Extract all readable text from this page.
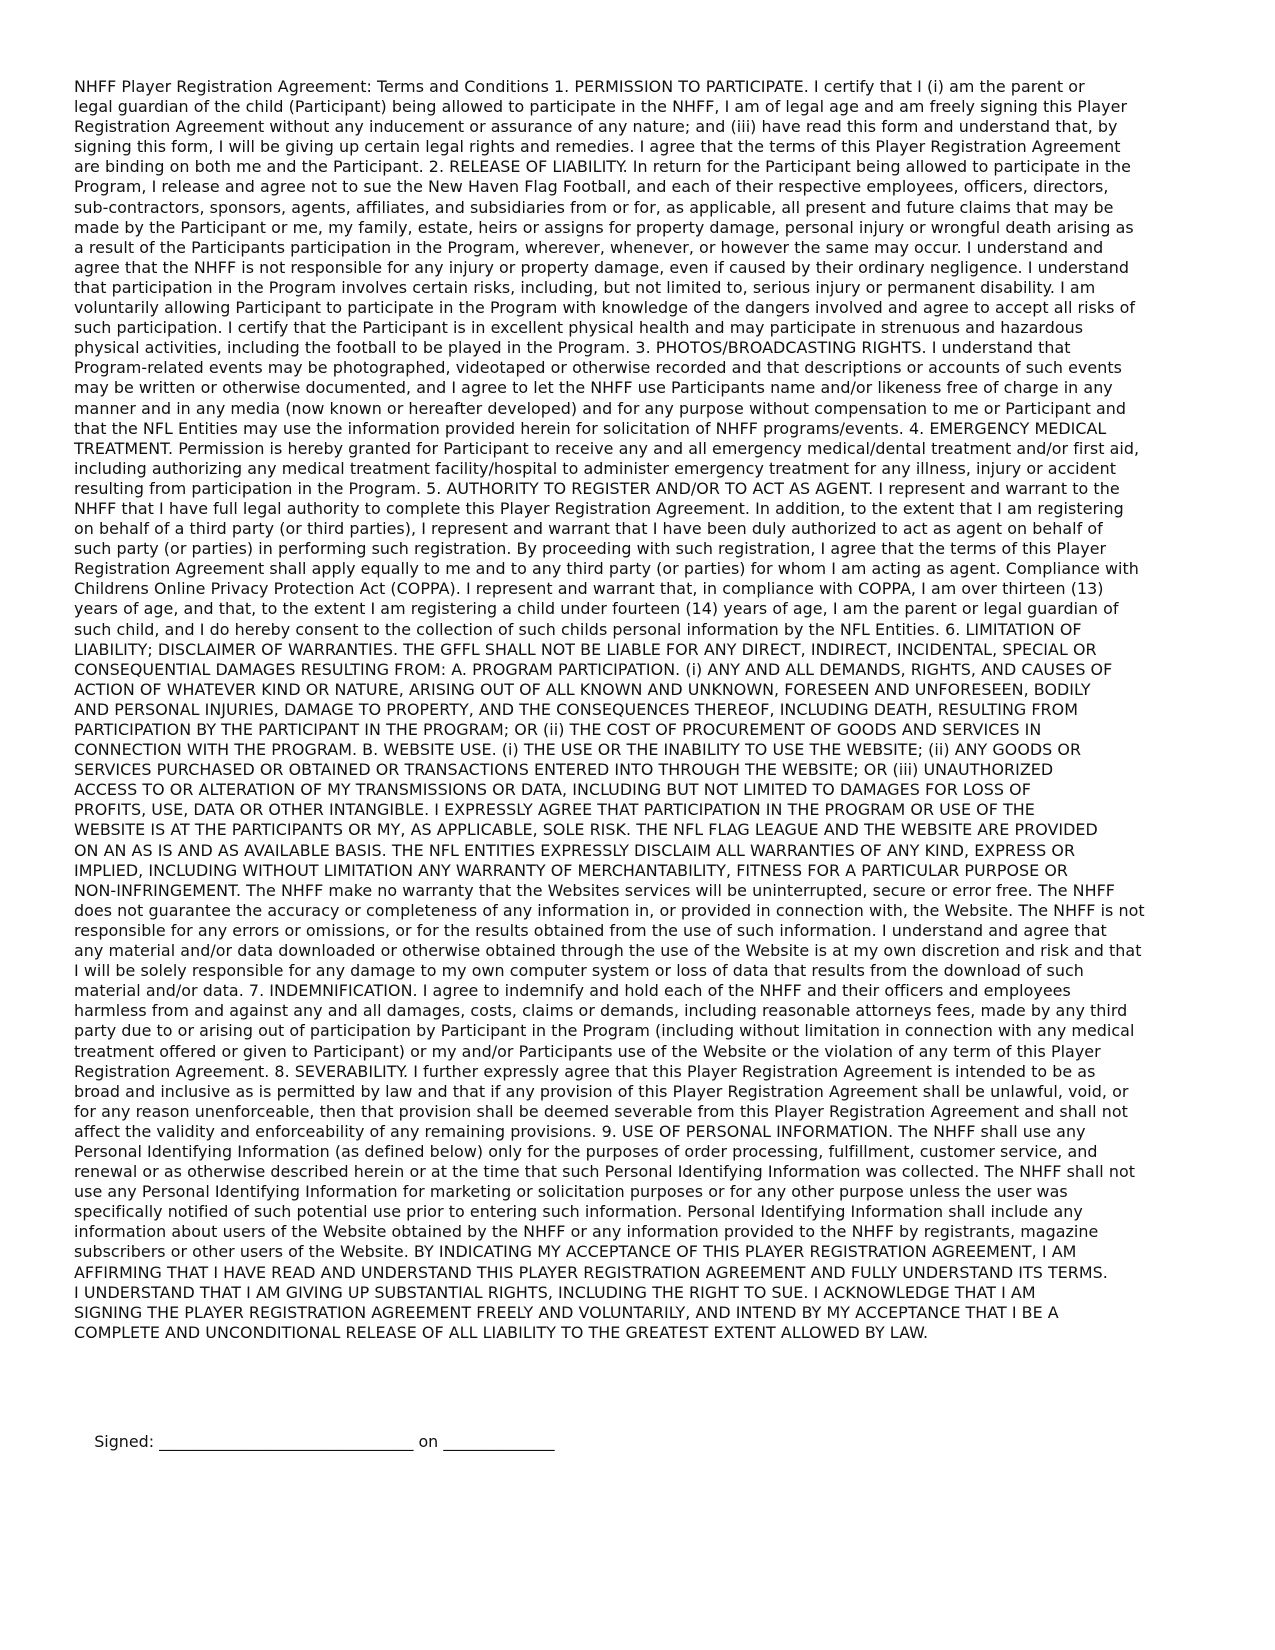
NHFF Player Registration Agreement: Terms and Conditions 1. PERMISSION TO PARTICIPATE. I certify that I (i) am the parent or
legal guardian of the child (Participant) being allowed to participate in the NHFF, I am of legal age and am freely signing this Player
Registration Agreement without any inducement or assurance of any nature; and (iii) have read this form and understand that, by
signing this form, I will be giving up certain legal rights and remedies. I agree that the terms of this Player Registration Agreement
are binding on both me and the Participant. 2. RELEASE OF LIABILITY. In return for the Participant being allowed to participate in the
Program, I release and agree not to sue the New Haven Flag Football, and each of their respective employees, officers, directors,
sub-contractors, sponsors, agents, affiliates, and subsidiaries from or for, as applicable, all present and future claims that may be
made by the Participant or me, my family, estate, heirs or assigns for property damage, personal injury or wrongful death arising as
a result of the Participants participation in the Program, wherever, whenever, or however the same may occur. I understand and
agree that the NHFF is not responsible for any injury or property damage, even if caused by their ordinary negligence. I understand
that participation in the Program involves certain risks, including, but not limited to, serious injury or permanent disability. I am
voluntarily allowing Participant to participate in the Program with knowledge of the dangers involved and agree to accept all risks of
such participation. I certify that the Participant is in excellent physical health and may participate in strenuous and hazardous
physical activities, including the football to be played in the Program. 3. PHOTOS/BROADCASTING RIGHTS. I understand that
Program-related events may be photographed, videotaped or otherwise recorded and that descriptions or accounts of such events
may be written or otherwise documented, and I agree to let the NHFF use Participants name and/or likeness free of charge in any
manner and in any media (now known or hereafter developed) and for any purpose without compensation to me or Participant and
that the NFL Entities may use the information provided herein for solicitation of NHFF programs/events. 4. EMERGENCY MEDICAL
TREATMENT. Permission is hereby granted for Participant to receive any and all emergency medical/dental treatment and/or first aid,
including authorizing any medical treatment facility/hospital to administer emergency treatment for any illness, injury or accident
resulting from participation in the Program. 5. AUTHORITY TO REGISTER AND/OR TO ACT AS AGENT. I represent and warrant to the
NHFF that I have full legal authority to complete this Player Registration Agreement. In addition, to the extent that I am registering
on behalf of a third party (or third parties), I represent and warrant that I have been duly authorized to act as agent on behalf of
such party (or parties) in performing such registration. By proceeding with such registration, I agree that the terms of this Player
Registration Agreement shall apply equally to me and to any third party (or parties) for whom I am acting as agent. Compliance with
Childrens Online Privacy Protection Act (COPPA). I represent and warrant that, in compliance with COPPA, I am over thirteen (13)
years of age, and that, to the extent I am registering a child under fourteen (14) years of age, I am the parent or legal guardian of
such child, and I do hereby consent to the collection of such childs personal information by the NFL Entities. 6. LIMITATION OF
LIABILITY; DISCLAIMER OF WARRANTIES. THE GFFL SHALL NOT BE LIABLE FOR ANY DIRECT, INDIRECT, INCIDENTAL, SPECIAL OR
CONSEQUENTIAL DAMAGES RESULTING FROM: A. PROGRAM PARTICIPATION. (i) ANY AND ALL DEMANDS, RIGHTS, AND CAUSES OF
ACTION OF WHATEVER KIND OR NATURE, ARISING OUT OF ALL KNOWN AND UNKNOWN, FORESEEN AND UNFORESEEN, BODILY
AND PERSONAL INJURIES, DAMAGE TO PROPERTY, AND THE CONSEQUENCES THEREOF, INCLUDING DEATH, RESULTING FROM
PARTICIPATION BY THE PARTICIPANT IN THE PROGRAM; OR (ii) THE COST OF PROCUREMENT OF GOODS AND SERVICES IN
CONNECTION WITH THE PROGRAM. B. WEBSITE USE. (i) THE USE OR THE INABILITY TO USE THE WEBSITE; (ii) ANY GOODS OR
SERVICES PURCHASED OR OBTAINED OR TRANSACTIONS ENTERED INTO THROUGH THE WEBSITE; OR (iii) UNAUTHORIZED
ACCESS TO OR ALTERATION OF MY TRANSMISSIONS OR DATA, INCLUDING BUT NOT LIMITED TO DAMAGES FOR LOSS OF
PROFITS, USE, DATA OR OTHER INTANGIBLE. I EXPRESSLY AGREE THAT PARTICIPATION IN THE PROGRAM OR USE OF THE
WEBSITE IS AT THE PARTICIPANTS OR MY, AS APPLICABLE, SOLE RISK. THE NFL FLAG LEAGUE AND THE WEBSITE ARE PROVIDED
ON AN AS IS AND AS AVAILABLE BASIS. THE NFL ENTITIES EXPRESSLY DISCLAIM ALL WARRANTIES OF ANY KIND, EXPRESS OR
IMPLIED, INCLUDING WITHOUT LIMITATION ANY WARRANTY OF MERCHANTABILITY, FITNESS FOR A PARTICULAR PURPOSE OR
NON-INFRINGEMENT. The NHFF make no warranty that the Websites services will be uninterrupted, secure or error free. The NHFF
does not guarantee the accuracy or completeness of any information in, or provided in connection with, the Website. The NHFF is not
responsible for any errors or omissions, or for the results obtained from the use of such information. I understand and agree that
any material and/or data downloaded or otherwise obtained through the use of the Website is at my own discretion and risk and that
I will be solely responsible for any damage to my own computer system or loss of data that results from the download of such
material and/or data. 7. INDEMNIFICATION. I agree to indemnify and hold each of the NHFF and their officers and employees
harmless from and against any and all damages, costs, claims or demands, including reasonable attorneys fees, made by any third
party due to or arising out of participation by Participant in the Program (including without limitation in connection with any medical
treatment offered or given to Participant) or my and/or Participants use of the Website or the violation of any term of this Player
Registration Agreement. 8. SEVERABILITY. I further expressly agree that this Player Registration Agreement is intended to be as
broad and inclusive as is permitted by law and that if any provision of this Player Registration Agreement shall be unlawful, void, or
for any reason unenforceable, then that provision shall be deemed severable from this Player Registration Agreement and shall not
affect the validity and enforceability of any remaining provisions. 9. USE OF PERSONAL INFORMATION. The NHFF shall use any
Personal Identifying Information (as defined below) only for the purposes of order processing, fulfillment, customer service, and
renewal or as otherwise described herein or at the time that such Personal Identifying Information was collected. The NHFF shall not
use any Personal Identifying Information for marketing or solicitation purposes or for any other purpose unless the user was
specifically notified of such potential use prior to entering such information. Personal Identifying Information shall include any
information about users of the Website obtained by the NHFF or any information provided to the NHFF by registrants, magazine
subscribers or other users of the Website. BY INDICATING MY ACCEPTANCE OF THIS PLAYER REGISTRATION AGREEMENT, I AM
AFFIRMING THAT I HAVE READ AND UNDERSTAND THIS PLAYER REGISTRATION AGREEMENT AND FULLY UNDERSTAND ITS TERMS.
I UNDERSTAND THAT I AM GIVING UP SUBSTANTIAL RIGHTS, INCLUDING THE RIGHT TO SUE. I ACKNOWLEDGE THAT I AM
SIGNING THE PLAYER REGISTRATION AGREEMENT FREELY AND VOLUNTARILY, AND INTEND BY MY ACCEPTANCE THAT I BE A
COMPLETE AND UNCONDITIONAL RELEASE OF ALL LIABILITY TO THE GREATEST EXTENT ALLOWED BY LAW.

Signed: ________________________________ on ______________
